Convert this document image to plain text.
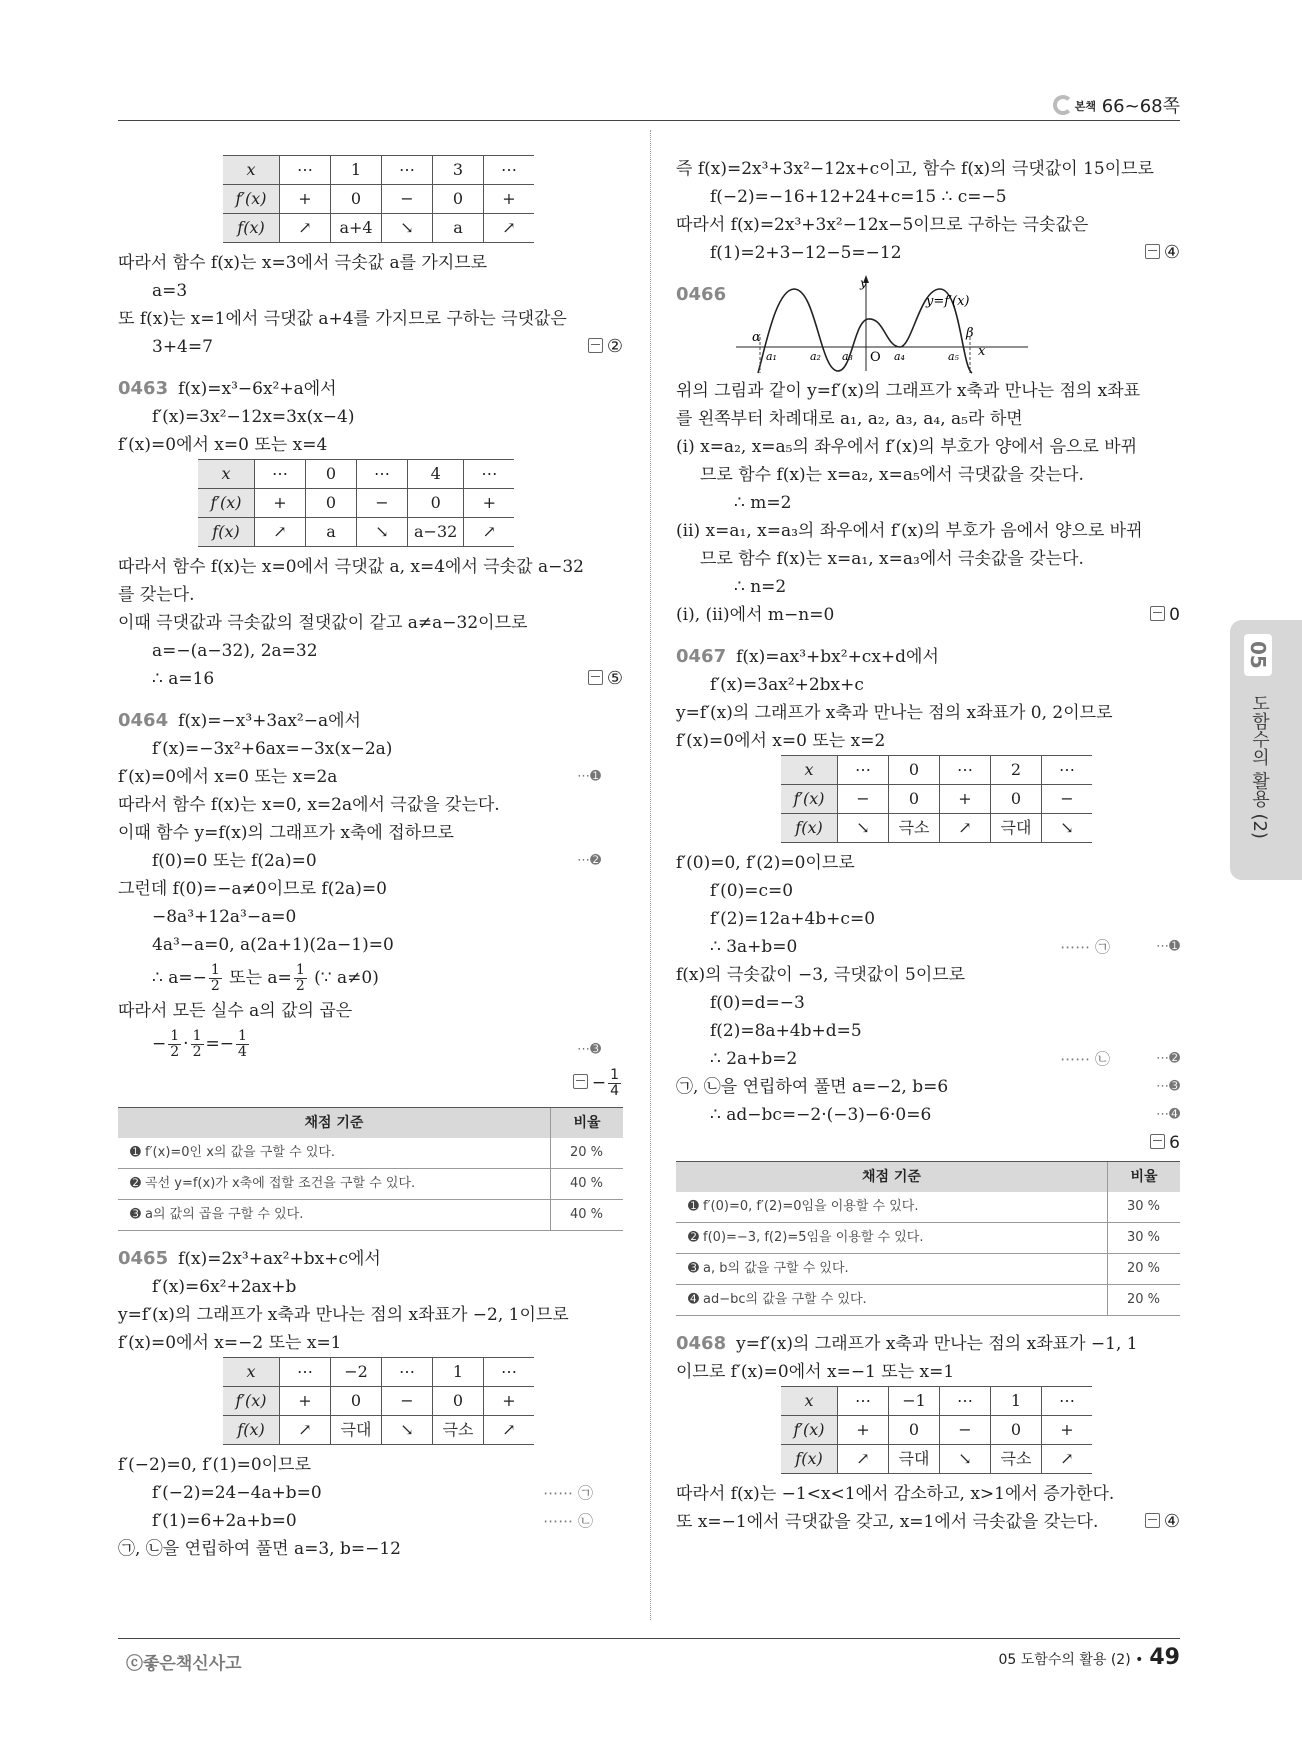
본책 66~68쪽
x	⋯	1	⋯	3	⋯
f′(x)	+	0	−	0	+
f(x)	↗	a+4	↘	a	↗
따라서 함수 f(x)는 x=3에서 극솟값 a를 가지므로
a=3
또 f(x)는 x=1에서 극댓값 a+4를 가지므로 구하는 극댓값은
3+4=7	②
0463 f(x)=x³−6x²+a에서
f′(x)=3x²−12x=3x(x−4)
f′(x)=0에서 x=0 또는 x=4
x	⋯	0	⋯	4	⋯
f′(x)	+	0	−	0	+
f(x)	↗	a	↘	a−32	↗
따라서 함수 f(x)는 x=0에서 극댓값 a, x=4에서 극솟값 a−32
를 갖는다.
이때 극댓값과 극솟값의 절댓값이 같고 a≠a−32이므로
a=−(a−32), 2a=32
∴ a=16	⑤
0464 f(x)=−x³+3ax²−a에서
f′(x)=−3x²+6ax=−3x(x−2a)
f′(x)=0에서 x=0 또는 x=2a	⋯➊
따라서 함수 f(x)는 x=0, x=2a에서 극값을 갖는다.
이때 함수 y=f(x)의 그래프가 x축에 접하므로
f(0)=0 또는 f(2a)=0	⋯➋
그런데 f(0)=−a≠0이므로 f(2a)=0
−8a³+12a³−a=0
4a³−a=0, a(2a+1)(2a−1)=0
∴ $a=- \frac{1}{2}$ 또는 $a= \frac{1}{2}$ (∵ a≠0)
따라서 모든 실수 a의 값의 곱은
− $\frac{1}{2} \cdot \frac{1}{2} =- \frac{1}{4}$	⋯➌
− $\frac{1}{4}$
채점 기준	비율
➊ f′(x)=0인 x의 값을 구할 수 있다.	20 %
➋ 곡선 y=f(x)가 x축에 접할 조건을 구할 수 있다.	40 %
➌ a의 값의 곱을 구할 수 있다.	40 %
0465 f(x)=2x³+ax²+bx+c에서
f′(x)=6x²+2ax+b
y=f′(x)의 그래프가 x축과 만나는 점의 x좌표가 −2, 1이므로
f′(x)=0에서 x=−2 또는 x=1
x	⋯	−2	⋯	1	⋯
f′(x)	+	0	−	0	+
f(x)	↗	극대	↘	극소	↗
f′(−2)=0, f′(1)=0이므로
f′(−2)=24−4a+b=0	⋯⋯ ㉠
f′(1)=6+2a+b=0	⋯⋯ ㉡
㉠, ㉡을 연립하여 풀면 a=3, b=−12
즉 f(x)=2x³+3x²−12x+c이고, 함수 f(x)의 극댓값이 15이므로
f(−2)=−16+12+24+c=15 ∴ c=−5
따라서 f(x)=2x³+3x²−12x−5이므로 구하는 극솟값은
f(1)=2+3−12−5=−12	④
0466
y
y=f′(x)
x
O
α	β
a₁	a₂ a₃	a₄	a₅
위의 그림과 같이 y=f′(x)의 그래프가 x축과 만나는 점의 x좌표
를 왼쪽부터 차례대로 a₁, a₂, a₃, a₄, a₅라 하면
(ⅰ) x=a₂, x=a₅의 좌우에서 f′(x)의 부호가 양에서 음으로 바뀌
므로 함수 f(x)는 x=a₂, x=a₅에서 극댓값을 갖는다.
∴ m=2
(ⅱ) x=a₁, x=a₃의 좌우에서 f′(x)의 부호가 음에서 양으로 바뀌
므로 함수 f(x)는 x=a₁, x=a₃에서 극솟값을 갖는다.
∴ n=2
(ⅰ), (ⅱ)에서 m−n=0	0
0467 f(x)=ax³+bx²+cx+d에서
f′(x)=3ax²+2bx+c
y=f′(x)의 그래프가 x축과 만나는 점의 x좌표가 0, 2이므로
f′(x)=0에서 x=0 또는 x=2
x	⋯	0	⋯	2	⋯
f′(x)	−	0	+	0	−
f(x)	↘	극소	↗	극대	↘
f′(0)=0, f′(2)=0이므로
f′(0)=c=0
f′(2)=12a+4b+c=0
∴ 3a+b=0	⋯⋯ ㉠	⋯➊
f(x)의 극솟값이 −3, 극댓값이 5이므로
f(0)=d=−3
f(2)=8a+4b+d=5
∴ 2a+b=2	⋯⋯ ㉡	⋯➋
㉠, ㉡을 연립하여 풀면 a=−2, b=6	⋯➌
∴ ad−bc=−2·(−3)−6·0=6	⋯➍

6
채점 기준	비율
➊ f′(0)=0, f′(2)=0임을 이용할 수 있다.	30 %
➋ f(0)=−3, f(2)=5임을 이용할 수 있다.	30 %
➌ a, b의 값을 구할 수 있다.	20 %
➍ ad−bc의 값을 구할 수 있다.	20 %
0468 y=f′(x)의 그래프가 x축과 만나는 점의 x좌표가 −1, 1
이므로 f′(x)=0에서 x=−1 또는 x=1
x	⋯	−1	⋯	1	⋯
f′(x)	+	0	−	0	+
f(x)	↗	극대	↘	극소	↗
따라서 f(x)는 −1<x<1에서 감소하고, x>1에서 증가한다.
또 x=−1에서 극댓값을 갖고, x=1에서 극솟값을 갖는다.	④
05
도함수의 활용 (2)
ⓒ좋은책신사고	05 도함수의 활용 (2) • 49
